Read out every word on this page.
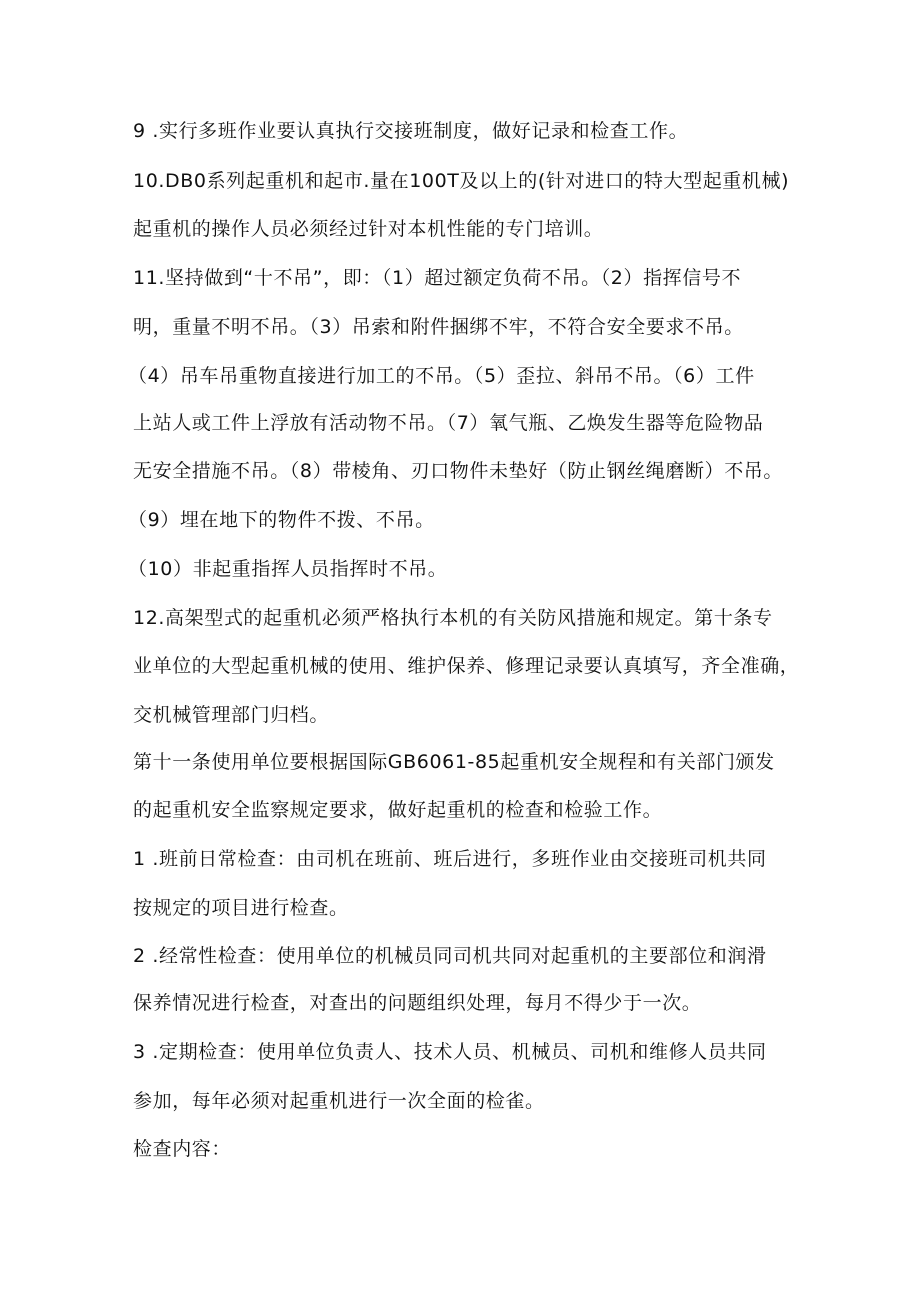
9 .实行多班作业要认真执行交接班制度，做好记录和检查工作。
10.DB0系列起重机和起市.量在100T及以上的(针对进口的特大型起重机械)
起重机的操作人员必须经过针对本机性能的专门培训。
11.坚持做到“十不吊”，即：（1）超过额定负荷不吊。（2）指挥信号不
明，重量不明不吊。（3）吊索和附件捆绑不牢，不符合安全要求不吊。
（4）吊车吊重物直接进行加工的不吊。（5）歪拉、斜吊不吊。（6）工件
上站人或工件上浮放有活动物不吊。（7）氧气瓶、乙焕发生器等危险物品
无安全措施不吊。（8）带棱角、刃口物件未垫好（防止钢丝绳磨断）不吊。
（9）埋在地下的物件不拨、不吊。
（10）非起重指挥人员指挥时不吊。
12.高架型式的起重机必须严格执行本机的有关防风措施和规定。第十条专
业单位的大型起重机械的使用、维护保养、修理记录要认真填写，齐全准确，
交机械管理部门归档。
第十一条使用单位要根据国际GB6061-85起重机安全规程和有关部门颁发
的起重机安全监察规定要求，做好起重机的检查和检验工作。
1 .班前日常检查：由司机在班前、班后进行，多班作业由交接班司机共同
按规定的项目进行检查。
2 .经常性检查：使用单位的机械员同司机共同对起重机的主要部位和润滑
保养情况进行检查，对查出的问题组织处理，每月不得少于一次。
3 .定期检查：使用单位负责人、技术人员、机械员、司机和维修人员共同
参加，每年必须对起重机进行一次全面的检雀。
检查内容：
